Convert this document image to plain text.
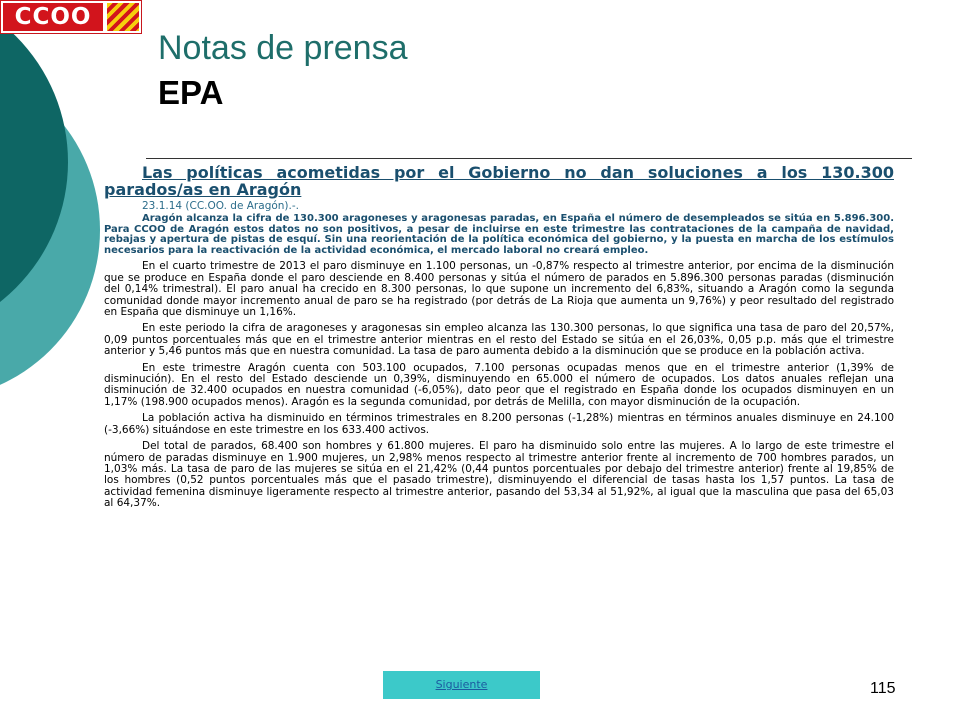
CCOO
Notas de prensa
EPA
Las políticas acometidas por el Gobierno no dan soluciones a los 130.300 parados/as en Aragón
23.1.14 (CC.OO. de Aragón).-.

Aragón alcanza la cifra de 130.300 aragoneses y aragonesas paradas, en España el número de desempleados se sitúa en 5.896.300. Para CCOO de Aragón estos datos no son positivos, a pesar de incluirse en este trimestre las contrataciones de la campaña de navidad, rebajas y apertura de pistas de esquí. Sin una reorientación de la política económica del gobierno, y la puesta en marcha de los estímulos necesarios para la reactivación de la actividad económica, el mercado laboral no creará empleo.

En el cuarto trimestre de 2013 el paro disminuye en 1.100 personas, un -0,87% respecto al trimestre anterior, por encima de la disminución que se produce en España donde el paro desciende en 8.400 personas y sitúa el número de parados en 5.896.300 personas paradas (disminución del 0,14% trimestral). El paro anual ha crecido en 8.300 personas, lo que supone un incremento del 6,83%, situando a Aragón como la segunda comunidad donde mayor incremento anual de paro se ha registrado (por detrás de La Rioja que aumenta un 9,76%) y peor resultado del registrado en España que disminuye un 1,16%.

En este periodo la cifra de aragoneses y aragonesas sin empleo alcanza las 130.300 personas, lo que significa una tasa de paro del 20,57%, 0,09 puntos porcentuales más que en el trimestre anterior mientras en el resto del Estado se sitúa en el 26,03%, 0,05 p.p. más que el trimestre anterior y 5,46 puntos más que en nuestra comunidad. La tasa de paro aumenta debido a la disminución que se produce en la población activa.

En este trimestre Aragón cuenta con 503.100 ocupados, 7.100 personas ocupadas menos que en el trimestre anterior (1,39% de disminución). En el resto del Estado desciende un 0,39%, disminuyendo en 65.000 el número de ocupados. Los datos anuales reflejan una disminución de 32.400 ocupados en nuestra comunidad (-6,05%), dato peor que el registrado en España donde los ocupados disminuyen en un 1,17% (198.900 ocupados menos). Aragón es la segunda comunidad, por detrás de Melilla, con mayor disminución de la ocupación.

La población activa ha disminuido en términos trimestrales en 8.200 personas (-1,28%) mientras en términos anuales disminuye en 24.100 (-3,66%) situándose en este trimestre en los 633.400 activos.

Del total de parados, 68.400 son hombres y 61.800 mujeres. El paro ha disminuido solo entre las mujeres. A lo largo de este trimestre el número de paradas disminuye en 1.900 mujeres, un 2,98% menos respecto al trimestre anterior frente al incremento de 700 hombres parados, un 1,03% más. La tasa de paro de las mujeres se sitúa en el 21,42% (0,44 puntos porcentuales por debajo del trimestre anterior) frente al 19,85% de los hombres (0,52 puntos porcentuales más que el pasado trimestre), disminuyendo el diferencial de tasas hasta los 1,57 puntos. La tasa de actividad femenina disminuye ligeramente respecto al trimestre anterior, pasando del 53,34 al 51,92%, al igual que la masculina que pasa del 65,03 al 64,37%.

Siguiente	115
